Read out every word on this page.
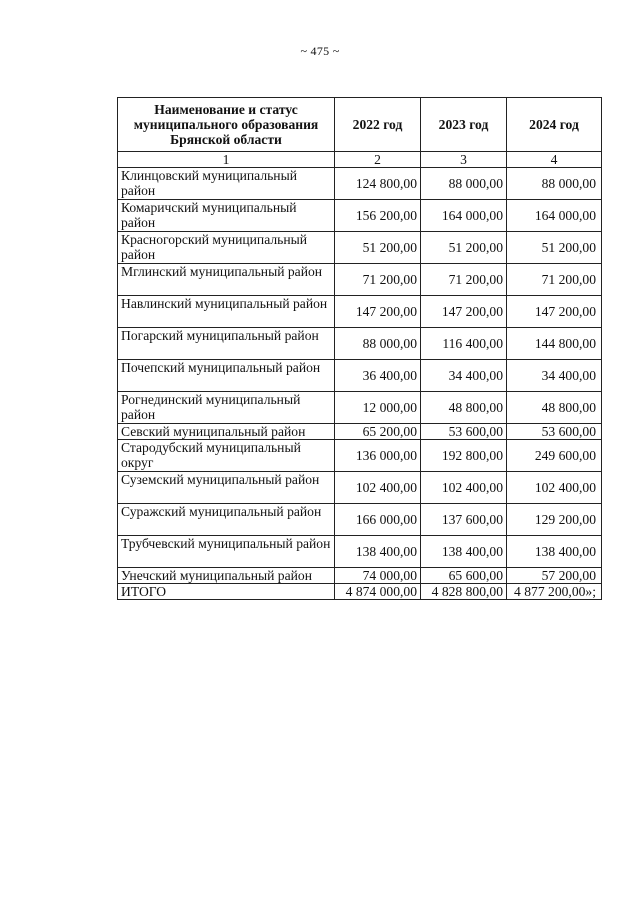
~ 475 ~
Наименование и статус муниципального образования Брянской области	2022 год	2023 год	2024 год
1	2	3	4
Клинцовский муниципальный район	124 800,00	88 000,00	88 000,00
Комаричский муниципальный район	156 200,00	164 000,00	164 000,00
Красногорский муниципальный район	51 200,00	51 200,00	51 200,00
Мглинский муниципальный район	71 200,00	71 200,00	71 200,00
Навлинский муниципальный район	147 200,00	147 200,00	147 200,00
Погарский муниципальный район	88 000,00	116 400,00	144 800,00
Почепский муниципальный район	36 400,00	34 400,00	34 400,00
Рогнединский муниципальный район	12 000,00	48 800,00	48 800,00
Севский муниципальный район	65 200,00	53 600,00	53 600,00
Стародубский муниципальный округ	136 000,00	192 800,00	249 600,00
Суземский муниципальный район	102 400,00	102 400,00	102 400,00
Суражский муниципальный район	166 000,00	137 600,00	129 200,00
Трубчевский муниципальный район	138 400,00	138 400,00	138 400,00
Унечский муниципальный район	74 000,00	65 600,00	57 200,00
ИТОГО	4 874 000,00	4 828 800,00	4 877 200,00»;
